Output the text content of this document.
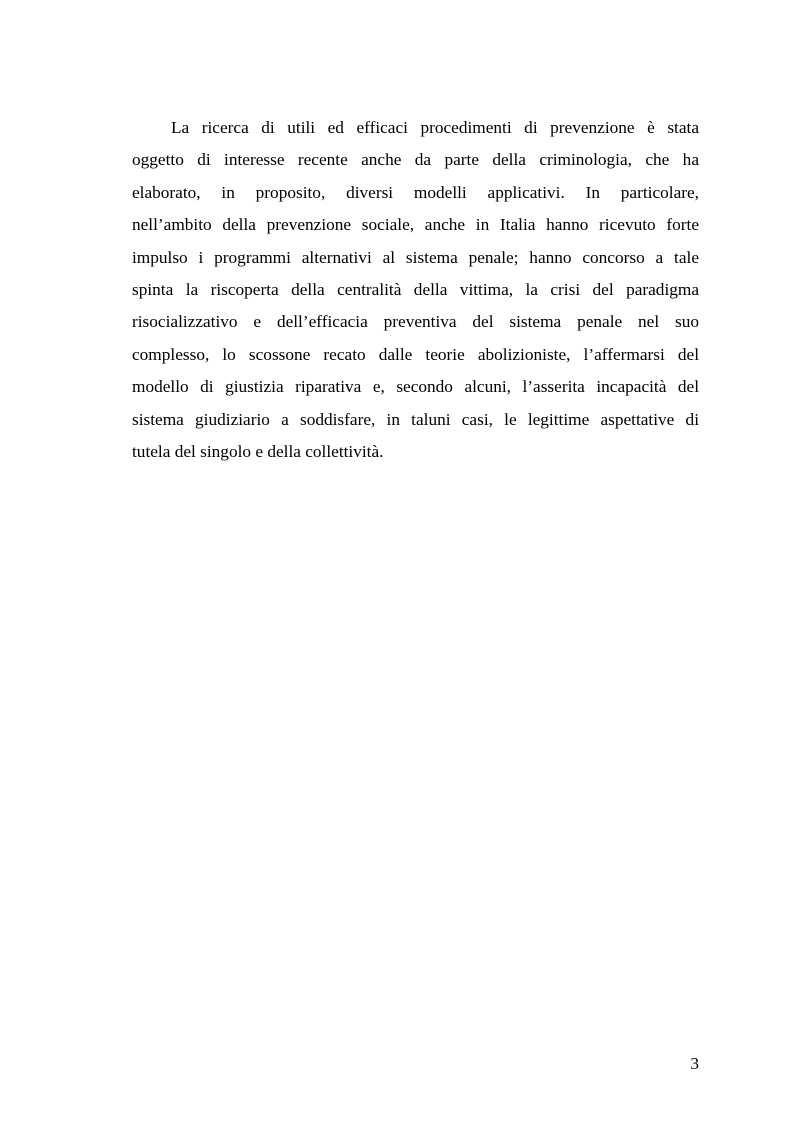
La ricerca di utili ed efficaci procedimenti di prevenzione è stata
oggetto di interesse recente anche da parte della criminologia, che ha
elaborato, in proposito, diversi modelli applicativi. In particolare,
nell’ambito della prevenzione sociale, anche in Italia hanno ricevuto forte
impulso i programmi alternativi al sistema penale; hanno concorso a tale
spinta la riscoperta della centralità della vittima, la crisi del paradigma
risocializzativo e dell’efficacia preventiva del sistema penale nel suo
complesso, lo scossone recato dalle teorie abolizioniste, l’affermarsi del
modello di giustizia riparativa e, secondo alcuni, l’asserita incapacità del
sistema giudiziario a soddisfare, in taluni casi, le legittime aspettative di
tutela del singolo e della collettività.
3
